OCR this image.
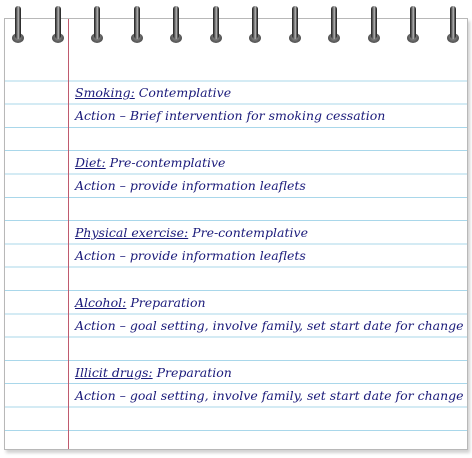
Smoking: Contemplative
Action – Brief intervention for smoking cessation
Diet: Pre-contemplative
Action – provide information leaflets
Physical exercise: Pre-contemplative
Action – provide information leaflets
Alcohol: Preparation
Action – goal setting, involve family, set start date for change
Illicit drugs: Preparation
Action – goal setting, involve family, set start date for change
